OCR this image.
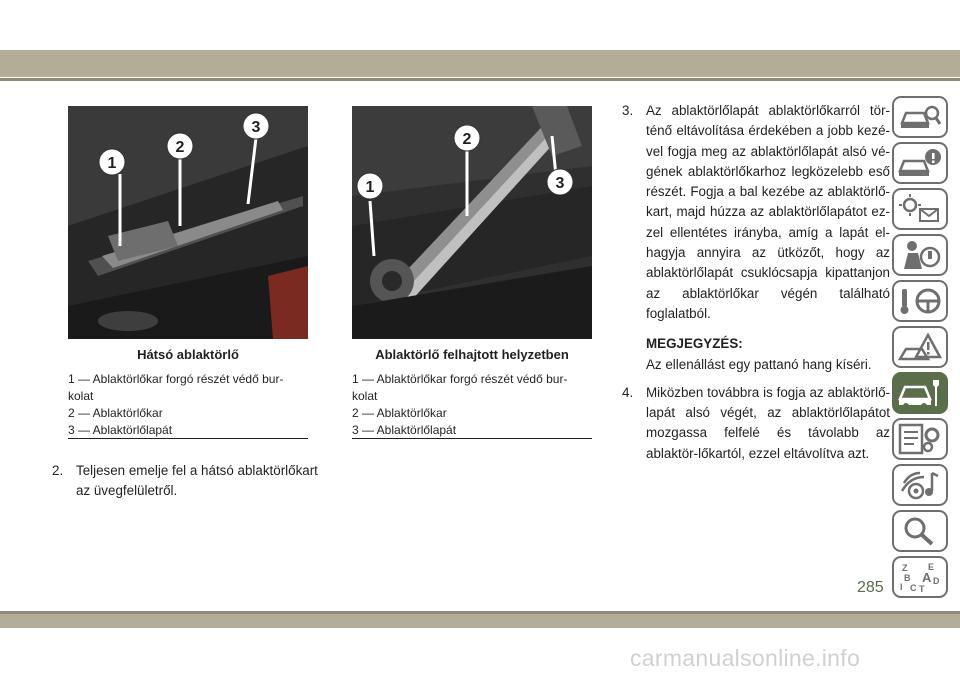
1
2
3
Hátsó ablaktörlő
1 — Ablaktörlőkar forgó részét védő bur-kolat
2 — Ablaktörlőkar
3 — Ablaktörlőlapát
1
2
3
Ablaktörlő felhajtott helyzetben
1 — Ablaktörlőkar forgó részét védő bur-kolat
2 — Ablaktörlőkar
3 — Ablaktörlőlapát
2. Teljesen emelje fel a hátsó ablaktörlőkart az üvegfelületről.
3. Az ablaktörlőlapát ablaktörlőkarról tör-ténő eltávolítása érdekében a jobb kezé-vel fogja meg az ablaktörlőlapát alsó vé-gének ablaktörlőkarhoz legközelebb eső részét. Fogja a bal kezébe az ablaktörlő-kart, majd húzza az ablaktörlőlapátot ez-zel ellentétes irányba, amíg a lapát el-hagyja annyira az ütközőt, hogy az ablaktörlőlapát csuklócsapja kipattanjon az ablaktörlőkar végén található foglalatból.
MEGJEGYZÉS:
Az ellenállást egy pattanó hang kíséri.
4. Miközben továbbra is fogja az ablaktörlő-lapát alsó végét, az ablaktörlőlapátot mozgassa felfelé és távolabb az ablaktör-lőkartól, ezzel eltávolítva azt.
Z E
B A
C
D
T
I
285
carmanualsonline.info
